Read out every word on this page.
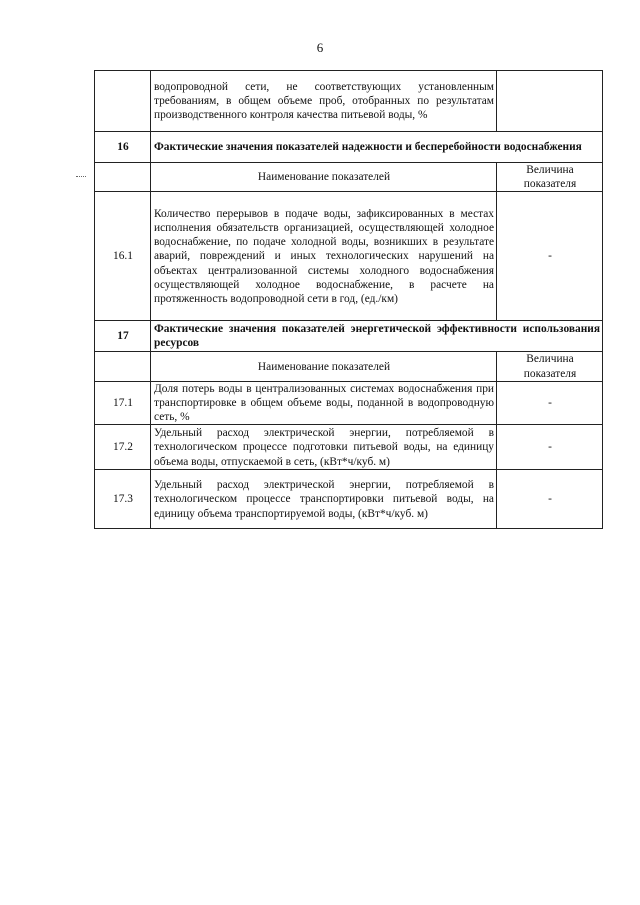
6
	водопроводной сети, не соответствующих установленным требованиям, в общем объеме проб, отобранных по результатам производственного контроля качества питьевой воды, %	
16	Фактические значения показателей надежности и бесперебойности водоснабжения	
	Наименование показателей	Величина показателя
16.1	Количество перерывов в подаче воды, зафиксированных в местах исполнения обязательств организацией, осуществляющей холодное водоснабжение, по подаче холодной воды, возникших в результате аварий, повреждений и иных технологических нарушений на объектах централизованной системы холодного водоснабжения осуществляющей холодное водоснабжение, в расчете на протяженность водопроводной сети в год, (ед./км)	-
17	Фактические значения показателей энергетической эффективности использования ресурсов	
	Наименование показателей	Величина показателя
17.1	Доля потерь воды в централизованных системах водоснабжения при транспортировке в общем объеме воды, поданной в водопроводную сеть, %	-
17.2	Удельный расход электрической энергии, потребляемой в технологическом процессе подготовки питьевой воды, на единицу объема воды, отпускаемой в сеть, (кВт*ч/куб. м)	-
17.3	Удельный расход электрической энергии, потребляемой в технологическом процессе транспортировки питьевой воды, на единицу объема транспортируемой воды, (кВт*ч/куб. м)	-
